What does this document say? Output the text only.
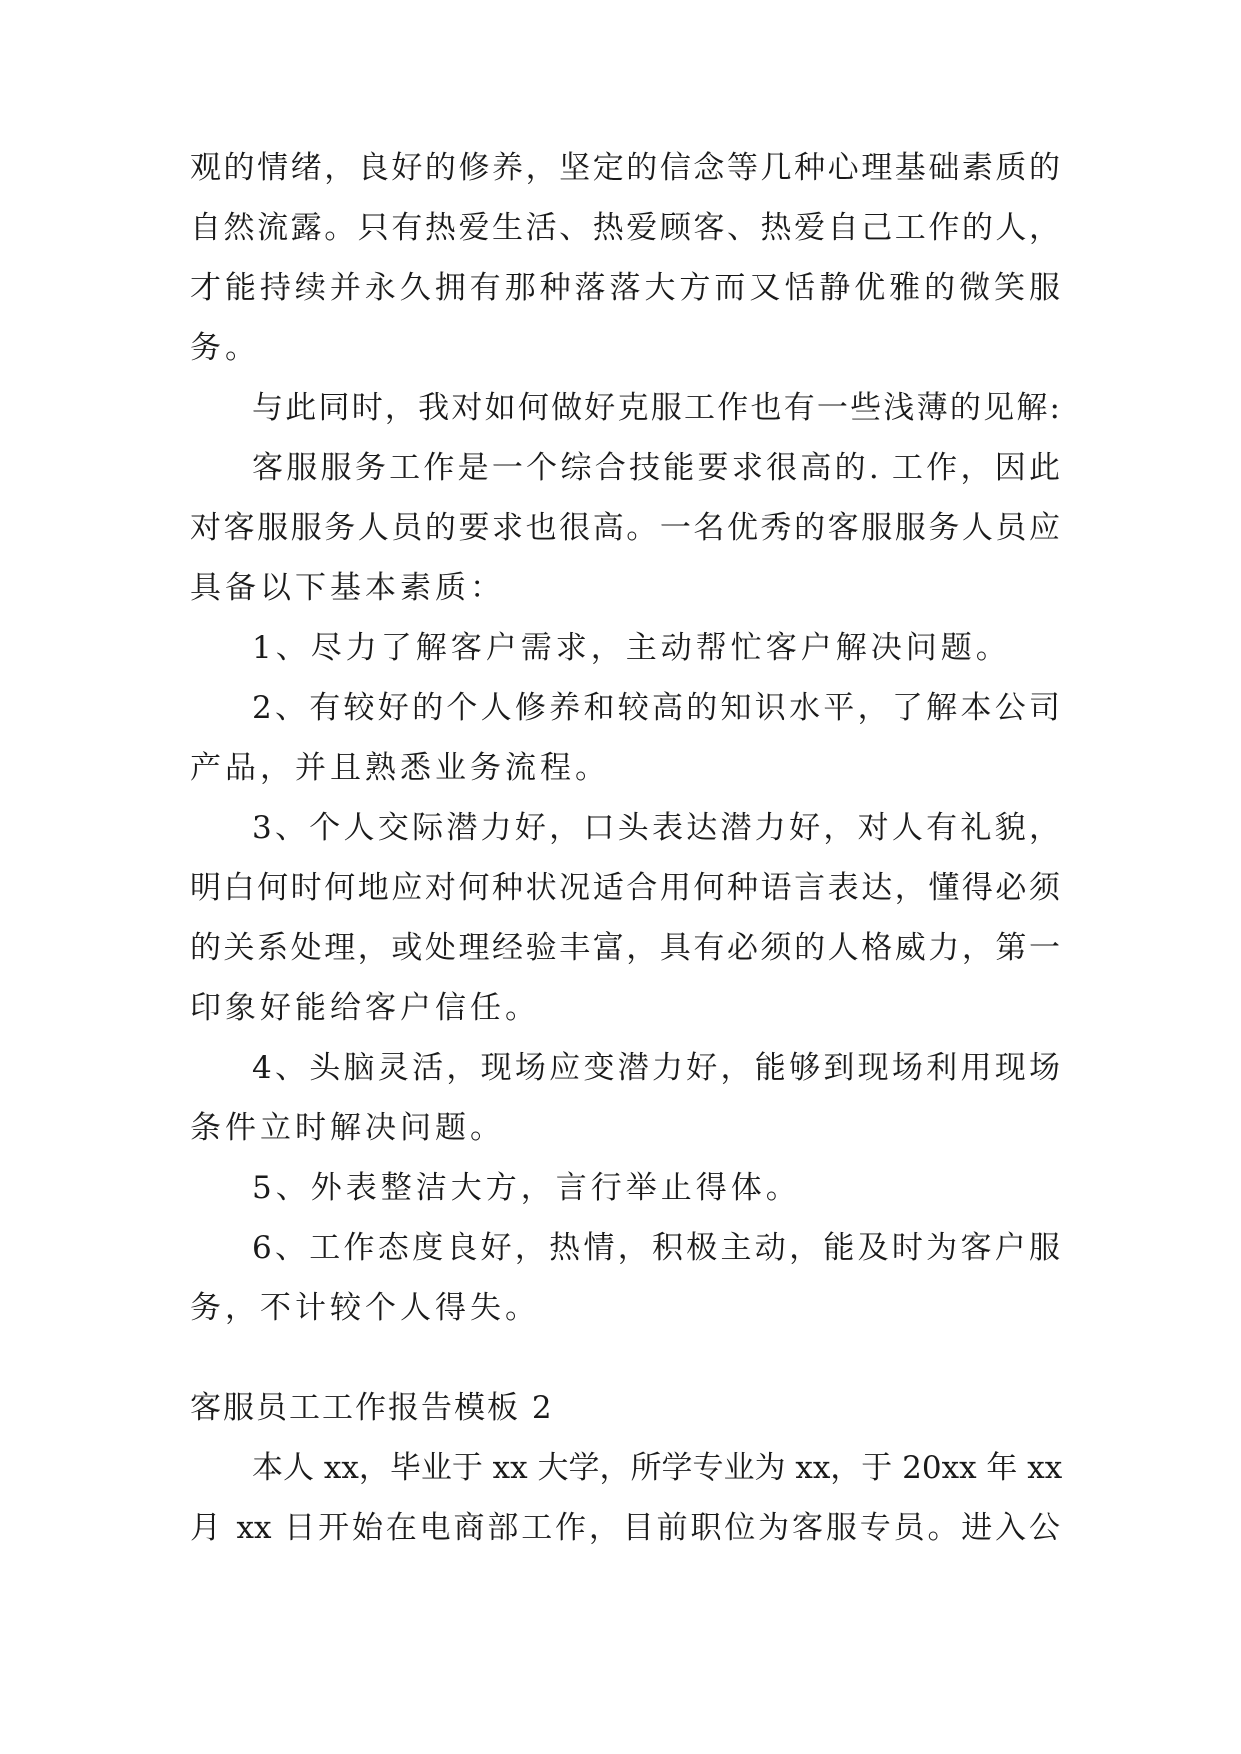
观的情绪，良好的修养，坚定的信念等几种心理基础素质的
自然流露。只有热爱生活、热爱顾客、热爱自己工作的人，
才能持续并永久拥有那种落落大方而又恬静优雅的微笑服
务。
与此同时，我对如何做好克服工作也有一些浅薄的见解:
客服服务工作是一个综合技能要求很高的. 工作，因此
对客服服务人员的要求也很高。一名优秀的客服服务人员应
具备以下基本素质：
1、尽力了解客户需求，主动帮忙客户解决问题。
2、有较好的个人修养和较高的知识水平，了解本公司
产品，并且熟悉业务流程。
3、个人交际潜力好，口头表达潜力好，对人有礼貌，
明白何时何地应对何种状况适合用何种语言表达，懂得必须
的关系处理，或处理经验丰富，具有必须的人格威力，第一
印象好能给客户信任。
4、头脑灵活，现场应变潜力好，能够到现场利用现场
条件立时解决问题。
5、外表整洁大方，言行举止得体。
6、工作态度良好，热情，积极主动，能及时为客户服
务，不计较个人得失。
客服员工工作报告模板 2
本人 xx，毕业于 xx 大学，所学专业为 xx，于 20xx 年 xx
月 xx 日开始在电商部工作，目前职位为客服专员。进入公
